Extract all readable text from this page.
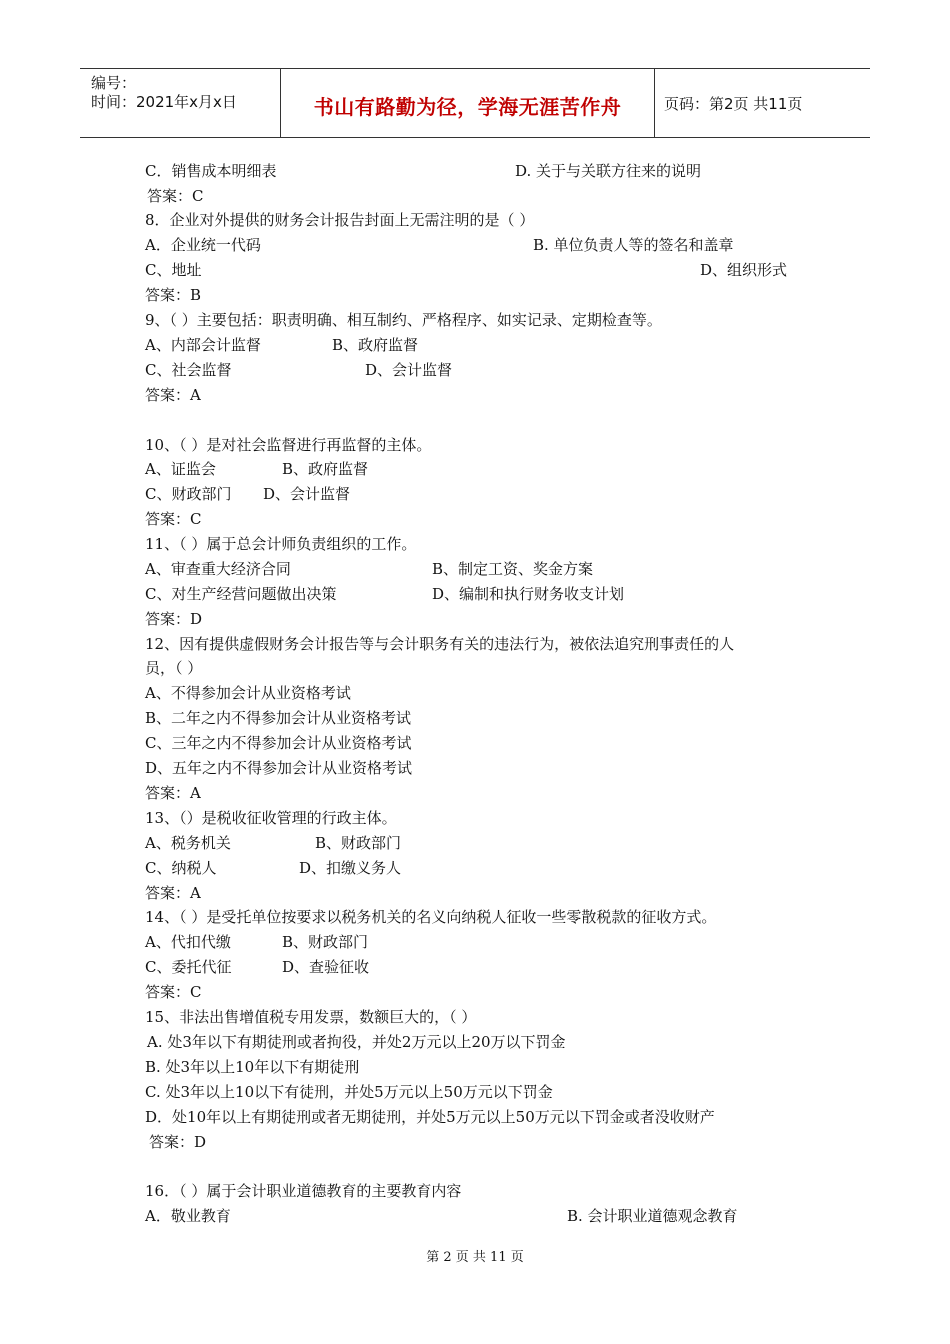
编号：
时间：2021年x月x日	书山有路勤为径，学海无涯苦作舟	页码：第2页 共11页
C．销售成本明细表	D. 关于与关联方往来的说明
答案：C
8．企业对外提供的财务会计报告封面上无需注明的是（ ）
A．企业统一代码	B. 单位负责人等的签名和盖章
C、地址	D、组织形式
答案：B
9、（ ）主要包括：职责明确、相互制约、严格程序、如实记录、定期检查等。
A、内部会计监督	B、政府监督
C、社会监督	D、会计监督
答案：A
10、（ ）是对社会监督进行再监督的主体。
A、证监会	B、政府监督
C、财政部门 D、会计监督
答案：C
11、（ ）属于总会计师负责组织的工作。
A、审查重大经济合同	B、制定工资、奖金方案
C、对生产经营问题做出决策	D、编制和执行财务收支计划
答案：D
12、因有提供虚假财务会计报告等与会计职务有关的违法行为，被依法追究刑事责任的人
员，（ ）
A、不得参加会计从业资格考试
B、二年之内不得参加会计从业资格考试
C、三年之内不得参加会计从业资格考试
D、五年之内不得参加会计从业资格考试
答案：A
13、（）是税收征收管理的行政主体。
A、税务机关	B、财政部门
C、纳税人	D、扣缴义务人
答案：A
14、（ ）是受托单位按要求以税务机关的名义向纳税人征收一些零散税款的征收方式。
A、代扣代缴	B、财政部门
C、委托代征	D、查验征收
答案：C
15、非法出售增值税专用发票，数额巨大的，（ ）
A. 处3年以下有期徒刑或者拘役，并处2万元以上20万以下罚金
B. 处3年以上10年以下有期徒刑
C. 处3年以上10以下有徒刑，并处5万元以上50万元以下罚金
D．处10年以上有期徒刑或者无期徒刑，并处5万元以上50万元以下罚金或者没收财产
答案：D
16．（ ）属于会计职业道德教育的主要教育内容
A．敬业教育	B. 会计职业道德观念教育
第 2 页 共 11 页
